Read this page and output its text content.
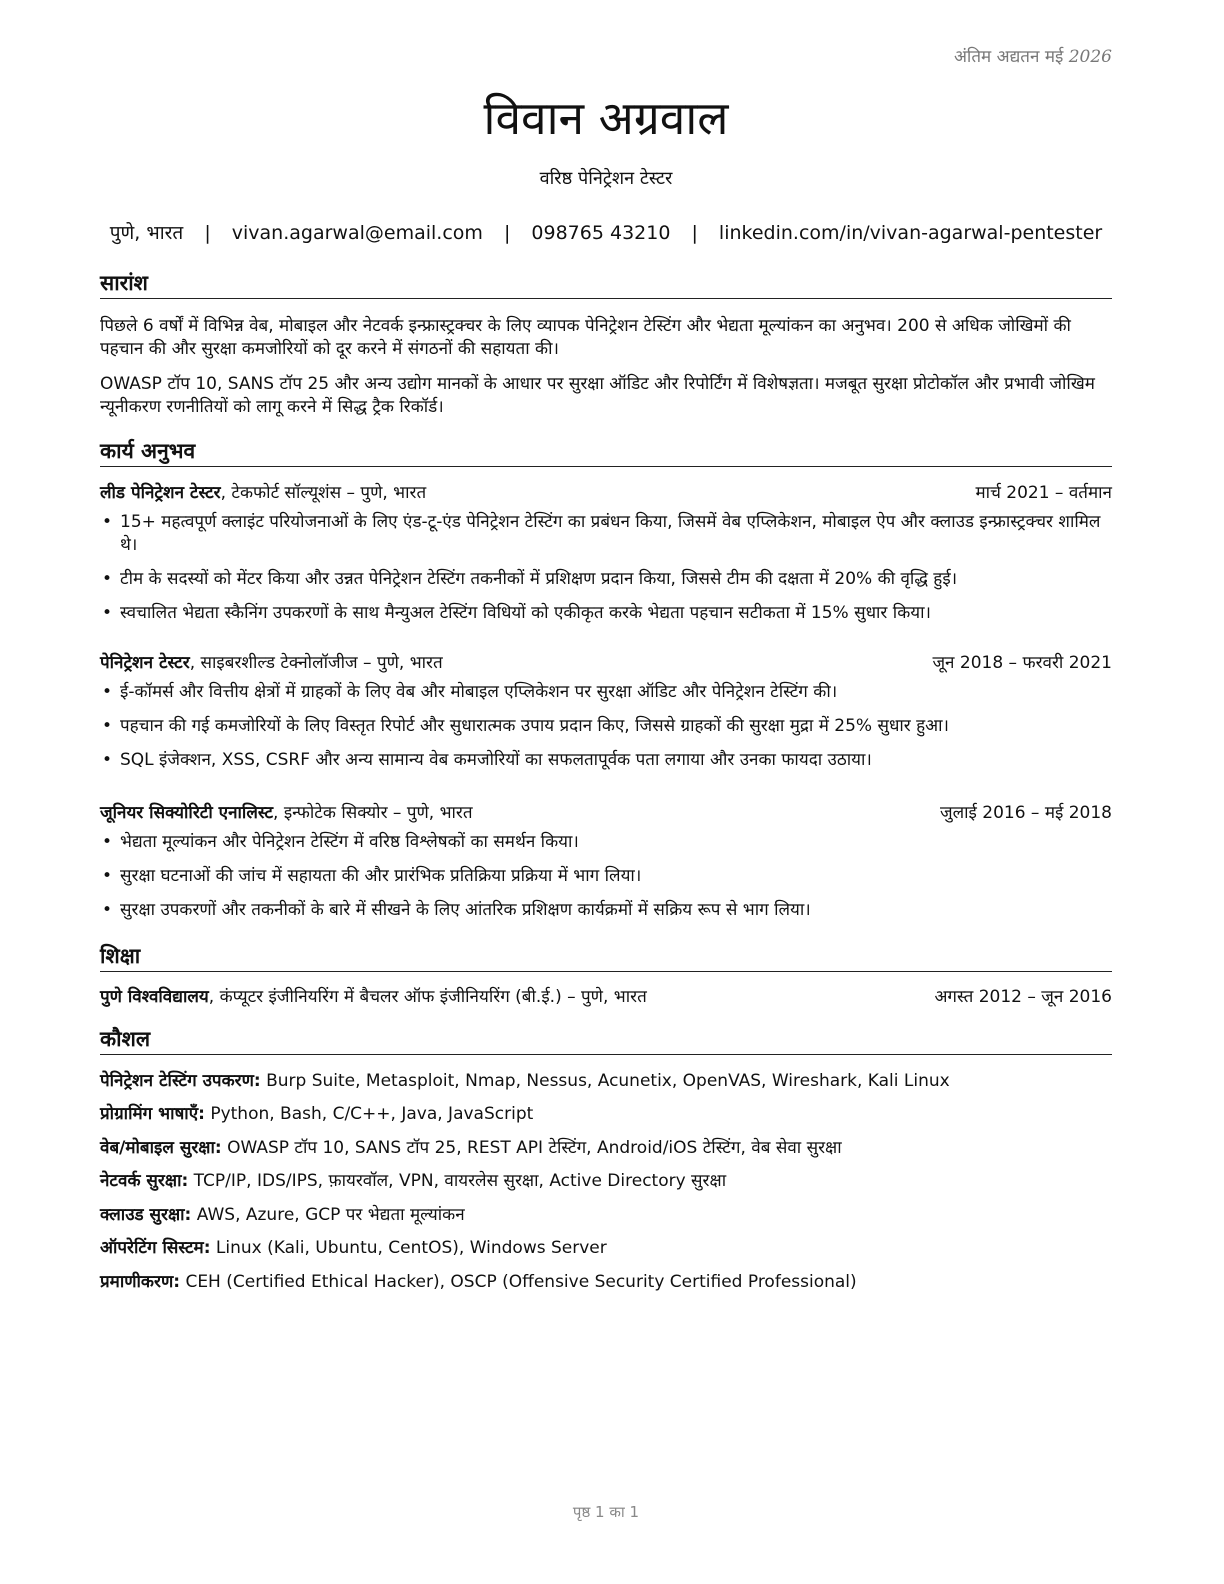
अंतिम अद्यतन मई 2026
विवान अग्रवाल
वरिष्ठ पेनिट्रेशन टेस्टर
पुणे, भारत | vivan.agarwal@email.com | 098765 43210 | linkedin.com/in/vivan-agarwal-pentester
सारांश
पिछले 6 वर्षों में विभिन्न वेब, मोबाइल और नेटवर्क इन्फ्रास्ट्रक्चर के लिए व्यापक पेनिट्रेशन टेस्टिंग और भेद्यता मूल्यांकन का अनुभव। 200 से अधिक जोखिमों की पहचान की और सुरक्षा कमजोरियों को दूर करने में संगठनों की सहायता की।
OWASP टॉप 10, SANS टॉप 25 और अन्य उद्योग मानकों के आधार पर सुरक्षा ऑडिट और रिपोर्टिंग में विशेषज्ञता। मजबूत सुरक्षा प्रोटोकॉल और प्रभावी जोखिम न्यूनीकरण रणनीतियों को लागू करने में सिद्ध ट्रैक रिकॉर्ड।
कार्य अनुभव
लीड पेनिट्रेशन टेस्टर, टेकफोर्ट सॉल्यूशंस – पुणे, भारत	मार्च 2021 – वर्तमान
• 15+ महत्वपूर्ण क्लाइंट परियोजनाओं के लिए एंड-टू-एंड पेनिट्रेशन टेस्टिंग का प्रबंधन किया, जिसमें वेब एप्लिकेशन, मोबाइल ऐप और क्लाउड इन्फ्रास्ट्रक्चर शामिल थे।
• टीम के सदस्यों को मेंटर किया और उन्नत पेनिट्रेशन टेस्टिंग तकनीकों में प्रशिक्षण प्रदान किया, जिससे टीम की दक्षता में 20% की वृद्धि हुई।
• स्वचालित भेद्यता स्कैनिंग उपकरणों के साथ मैन्युअल टेस्टिंग विधियों को एकीकृत करके भेद्यता पहचान सटीकता में 15% सुधार किया।
पेनिट्रेशन टेस्टर, साइबरशील्ड टेक्नोलॉजीज – पुणे, भारत	जून 2018 – फरवरी 2021
• ई-कॉमर्स और वित्तीय क्षेत्रों में ग्राहकों के लिए वेब और मोबाइल एप्लिकेशन पर सुरक्षा ऑडिट और पेनिट्रेशन टेस्टिंग की।
• पहचान की गई कमजोरियों के लिए विस्तृत रिपोर्ट और सुधारात्मक उपाय प्रदान किए, जिससे ग्राहकों की सुरक्षा मुद्रा में 25% सुधार हुआ।
• SQL इंजेक्शन, XSS, CSRF और अन्य सामान्य वेब कमजोरियों का सफलतापूर्वक पता लगाया और उनका फायदा उठाया।
जूनियर सिक्योरिटी एनालिस्ट, इन्फोटेक सिक्योर – पुणे, भारत	जुलाई 2016 – मई 2018
• भेद्यता मूल्यांकन और पेनिट्रेशन टेस्टिंग में वरिष्ठ विश्लेषकों का समर्थन किया।
• सुरक्षा घटनाओं की जांच में सहायता की और प्रारंभिक प्रतिक्रिया प्रक्रिया में भाग लिया।
• सुरक्षा उपकरणों और तकनीकों के बारे में सीखने के लिए आंतरिक प्रशिक्षण कार्यक्रमों में सक्रिय रूप से भाग लिया।
शिक्षा
पुणे विश्वविद्यालय, कंप्यूटर इंजीनियरिंग में बैचलर ऑफ इंजीनियरिंग (बी.ई.) – पुणे, भारत	अगस्त 2012 – जून 2016
कौशल
पेनिट्रेशन टेस्टिंग उपकरण: Burp Suite, Metasploit, Nmap, Nessus, Acunetix, OpenVAS, Wireshark, Kali Linux
प्रोग्रामिंग भाषाएँ: Python, Bash, C/C++, Java, JavaScript
वेब/मोबाइल सुरक्षा: OWASP टॉप 10, SANS टॉप 25, REST API टेस्टिंग, Android/iOS टेस्टिंग, वेब सेवा सुरक्षा
नेटवर्क सुरक्षा: TCP/IP, IDS/IPS, फ़ायरवॉल, VPN, वायरलेस सुरक्षा, Active Directory सुरक्षा
क्लाउड सुरक्षा: AWS, Azure, GCP पर भेद्यता मूल्यांकन
ऑपरेटिंग सिस्टम: Linux (Kali, Ubuntu, CentOS), Windows Server
प्रमाणीकरण: CEH (Certified Ethical Hacker), OSCP (Offensive Security Certified Professional)
पृष्ठ 1 का 1
